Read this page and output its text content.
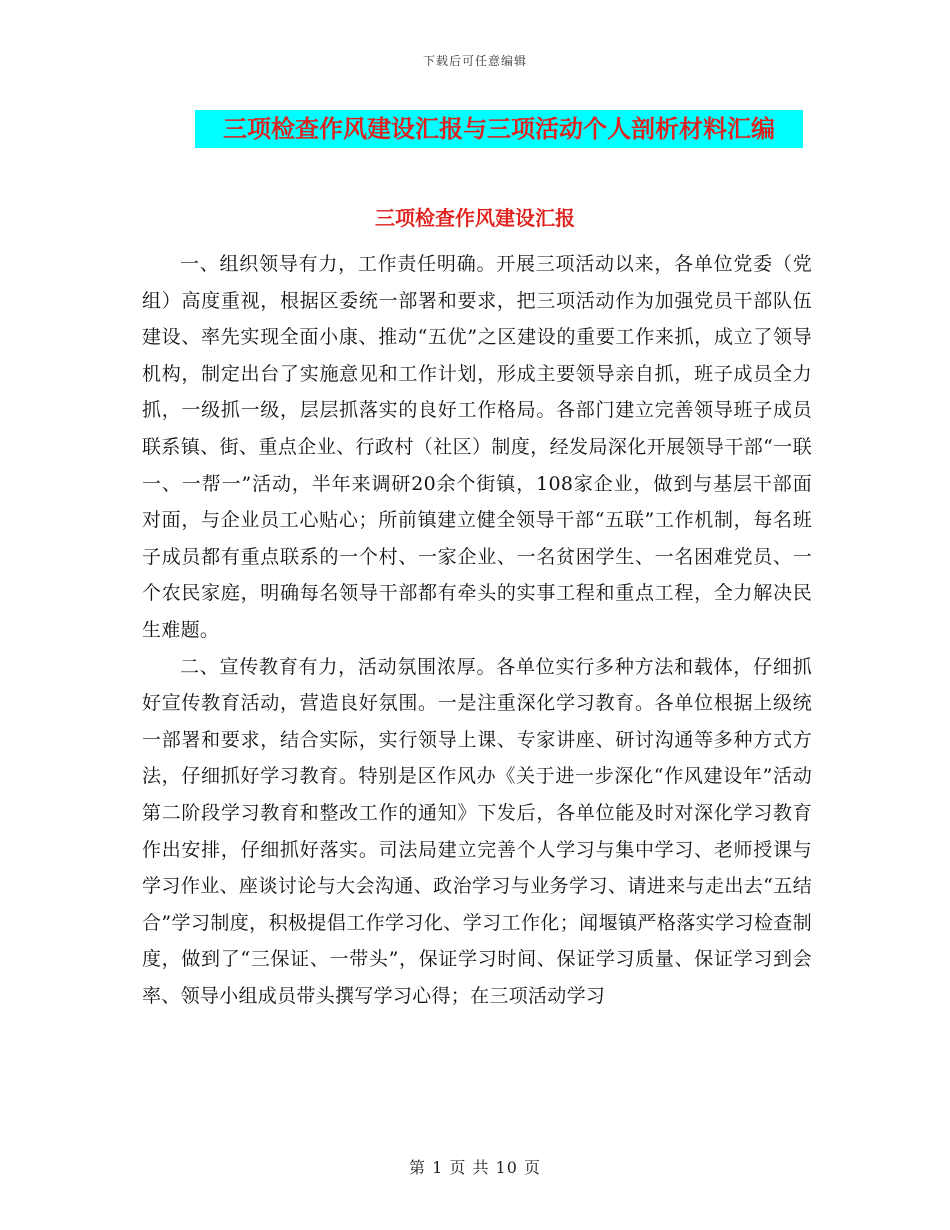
下载后可任意编辑
三项检查作风建设汇报与三项活动个人剖析材料汇编
三项检查作风建设汇报

一、组织领导有力，工作责任明确。开展三项活动以来，各单位党委（党组）高度重视，根据区委统一部署和要求，把三项活动作为加强党员干部队伍建设、率先实现全面小康、推动“五优”之区建设的重要工作来抓，成立了领导机构，制定出台了实施意见和工作计划，形成主要领导亲自抓，班子成员全力抓，一级抓一级，层层抓落实的良好工作格局。各部门建立完善领导班子成员联系镇、街、重点企业、行政村（社区）制度，经发局深化开展领导干部“一联一、一帮一”活动，半年来调研20余个街镇，108家企业，做到与基层干部面对面，与企业员工心贴心；所前镇建立健全领导干部“五联”工作机制，每名班子成员都有重点联系的一个村、一家企业、一名贫困学生、一名困难党员、一个农民家庭，明确每名领导干部都有牵头的实事工程和重点工程，全力解决民生难题。

二、宣传教育有力，活动氛围浓厚。各单位实行多种方法和载体，仔细抓好宣传教育活动，营造良好氛围。一是注重深化学习教育。各单位根据上级统一部署和要求，结合实际，实行领导上课、专家讲座、研讨沟通等多种方式方法，仔细抓好学习教育。特别是区作风办《关于进一步深化“作风建设年”活动第二阶段学习教育和整改工作的通知》下发后，各单位能及时对深化学习教育作出安排，仔细抓好落实。司法局建立完善个人学习与集中学习、老师授课与学习作业、座谈讨论与大会沟通、政治学习与业务学习、请进来与走出去“五结合”学习制度，积极提倡工作学习化、学习工作化；闻堰镇严格落实学习检查制度，做到了“三保证、一带头”，保证学习时间、保证学习质量、保证学习到会率、领导小组成员带头撰写学习心得；在三项活动学习

第 1 页 共 10 页
